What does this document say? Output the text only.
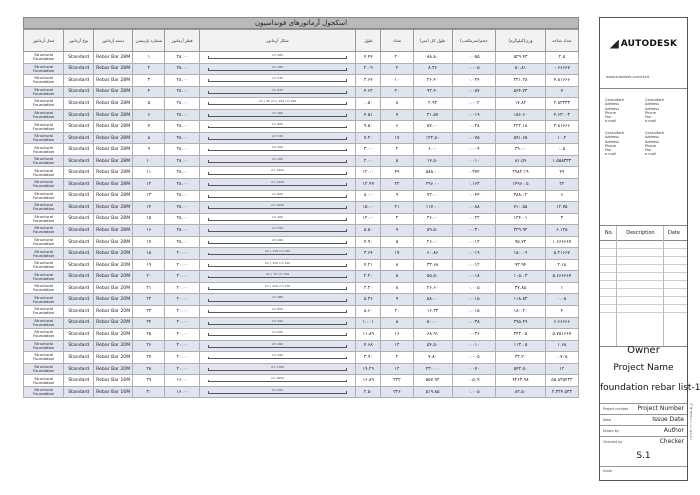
اسکجول آرماتورهای فونداسیون
تعداد شاخه	وزن(کیلوگرم)	حجم(مترمکعب)	طول کل (متر)	تعداد	طول	شکل آرماتور	قطر آرماتور	شماره پارتیشن	دسته آرماتور	نوع آرماتور	محل آرماتور
۲.۵	۵۲۹.۴۳	۰.۰۵۵	۸۸.۸۰	۲۰	۴.۴۴	480 cm	۲۸.۰۰	۱	Rebar Bar 28M	Standard	Structural Foundation
۰.۶۶۶۶۷	۵۰.۸۱	۰.۰۰۵	۸.۳۶	۴	۲.۰۹	185 cm	۲۸.۰۰	۲	Rebar Bar 28M	Standard	Structural Foundation
۴.۸۱۶۶۶	۲۲۱.۲۸	۰.۰۲۴	۳۶.۴۰	۱۰	۳.۶۴	330 cm	۲۸.۰۰	۳	Rebar Bar 28M	Standard	Structural Foundation
۷	۵۶۴.۷۳	۰.۰۵۷	۹۲.۴۰	۲۰	۴.۶۲	470 cm	۲۸.۰۰	۴	Rebar Bar 28M	Standard	Structural Foundation
۲.۸۳۳۳۳	۱۷.۸۲	۰.۰۰۲	۲.۹۳	۸	۰.۵۰	100 cm | 25 cm | 100 cm	۲۸.۰۰	۵	Rebar Bar 28M	Standard	Structural Foundation
۴.۶۳۰۰۳	۱۵۶.۶۰	۰.۰۱۹	۳۱.۵۷	۷	۴.۵۱	400 cm	۲۸.۰۰	۶	Rebar Bar 28M	Standard	Structural Foundation
۳.۸۱۶۶۶	۲۲۲.۱۸	۰.۰۲۸	۵۷.۰۰	۶	۹.۵۰	800 cm	۲۸.۰۰	۷	Rebar Bar 28M	Standard	Structural Foundation
۱۰.۲	۵۹۱.۶۵	۰.۰۷۵	۱۲۲.۵۰	۱۷	۷.۲۰	720 cm	۲۸.۰۰	۸	Rebar Bar 28M	Standard	Structural Foundation
۰.۵	۳۹.۰۰	۰.۰۰۴	۶.۰۰	۲	۳.۰۰	300 cm	۲۸.۰۰	۹	Rebar Bar 28M	Standard	Structural Foundation
۱.۵۵۸۳۳۳	۸۱.۵۹	۰.۰۱۰	۱۴.۵۰	۵	۲.۰۰	200 cm	۲۸.۰۰	۱۰	Rebar Bar 28M	Standard	Structural Foundation
۴۹	۲۹۸۲.۱۹	۰.۳۷۴	۵۸۸.۰۰	۴۹	۱۲.۰۰	1200 cm	۲۸.۰۰	۱۱	Rebar Bar 28M	Standard	Structural Foundation
۲۲	۱۴۹۶.۰۵	۰.۱۶۳	۲۹۶.۰۰	۲۲	۱۲.۹۹	1299 cm	۲۸.۰۰	۱۲	Rebar Bar 28M	Standard	Structural Foundation
۶	۳۸۸.۰۲	۰.۰۴۴	۷۲.۰۰	۹	۸.۰۰	800 cm	۲۸.۰۰	۱۳	Rebar Bar 28M	Standard	Structural Foundation
۱۲.۷۵	۷۱۰.۵۵	۰.۰۸۸	۱۱۷.۰۰	۲۱	۱۵.۰۰	1500 cm	۲۸.۰۰	۱۴	Rebar Bar 28M	Standard	Structural Foundation
۳	۱۲۴.۰۱	۰.۰۲۲	۳۶.۰۰	۳	۱۲.۰۰	400 cm	۲۸.۰۰	۱۵	Rebar Bar 28M	Standard	Structural Foundation
۶.۱۲۵	۳۲۹.۹۲	۰.۰۳۰	۵۹.۵۰	۹	۵.۵۰	550 cm	۲۸.۰۰	۱۶	Rebar Bar 28M	Standard	Structural Foundation
۱.۶۶۶۶۶۷	۹۵.۷۲	۰.۰۱۲	۲۶.۰۰	۵	۴.۹۰	490 cm	۲۸.۰۰	۱۷	Rebar Bar 28M	Standard	Structural Foundation
۵.۲۱۶۶۷	۱۵۰.۰۹	۰.۰۱۹	۶۰.۸۶	۱۷	۳.۶۴	120 cm | 115 cm	۲۰.۰۰	۱۸	Rebar Bar 20M	Standard	Structural Foundation
۲.۱۸	۹۳.۹۴	۰.۰۱۲	۳۳.۶۸	۸	۴.۲۱	120 cm | 150 cm	۲۰.۰۰	۱۹	Rebar Bar 20M	Standard	Structural Foundation
۵.۶۶۶۶۶۷	۱۰۵.۰۳	۰.۰۱۸	۵۵.۵۰	۸	۲.۲۰	700 cm | 70 cm	۲۰.۰۰	۲۰	Rebar Bar 20M	Standard	Structural Foundation
۱	۳۷.۸۵	۰.۰۰۵	۲۶.۶۰	۸	۳.۳۰	170 cm | 220 cm	۲۰.۰۰	۲۱	Rebar Bar 20M	Standard	Structural Foundation
۰.۰۵	۱۱۸.۸۳	۰.۰۱۵	۵۸.۰۰	۹	۵.۳۶	480 cm	۲۰.۰۰	۲۲	Rebar Bar 20M	Standard	Structural Foundation
۴	۱۸۰.۲۰	۰.۰۱۵	۱۶.۳۳	۲۰	۸.۶۰	850 cm	۲۰.۰۰	۲۳	Rebar Bar 20M	Standard	Structural Foundation
۶.۶۶۶۶۶	۲۹۵.۴۹	۰.۰۳۸	۵۰.۰۰	۸	۱.۰۰۱	490 cm	۲۰.۰۰	۲۴	Rebar Bar 20M	Standard	Structural Foundation
۵.۷۵۱۶۶۷	۳۴۳.۰۵	۰.۰۳۶	۶۸.۹۱	۱۶	۱۱.۸۹	500 cm	۲۰.۰۰	۲۵	Rebar Bar 20M	Standard	Structural Foundation
۱.۶۸	۱۱۳.۰۵	۰.۰۱۰	۵۴.۵۰	۱۲	۴.۶۸	460 cm	۲۰.۰۰	۲۶	Rebar Bar 20M	Standard	Structural Foundation
۰.۷۰۵	۳۲.۲۰	۰.۰۰۵	۷.۸۰	۲	۳.۹۰	390 cm	۲۰.۰۰	۲۷	Rebar Bar 20M	Standard	Structural Foundation
۱۲	۵۴۳.۵۰	۰.۰۷۰	۲۳۰.۰۰	۱۲	۱۹.۲۹	1780 cm	۲۰.۰۰	۲۸	Rebar Bar 20M	Standard	Structural Foundation
۵۵.۸۳۵۴۳۳	۴۲۶۳.۹۸	۰.۵۰۹	۵۵۷.۹۲	۳۳۲	۱۶.۸۹	1650 cm	۱۶.۰۰	۲۹	Rebar Bar 16M	Standard	Structural Foundation
۲.۳۳۴.۵۳۳	۸۲.۵۰	۰.۰۰۵	۵۱۹.۸۵	۲۲۶	۲.۵۰	250 cm	۱۶.۰۰	۳۰	Rebar Bar 16M	Standard	Structural Foundation
AUTODESK
www.autodesk.com/revit
Consultant
Address
Address
Phone
Fax
e-mail
Consultant
Address
Address
Phone
Fax
e-mail
Consultant
Address
Address
Phone
Fax
e-mail
Consultant
Address
Address
Phone
Fax
e-mail
No.	Description	Date
Owner
Project Name
foundation rebar list-1
Project number Project Number
Date	Issue Date
Drawn by	Author
Checked by	Checker
S.1
Scale
۱۲/۱۲/۲۰۲۱ ۱۱:۲۵:۵۸ ق.ظ
